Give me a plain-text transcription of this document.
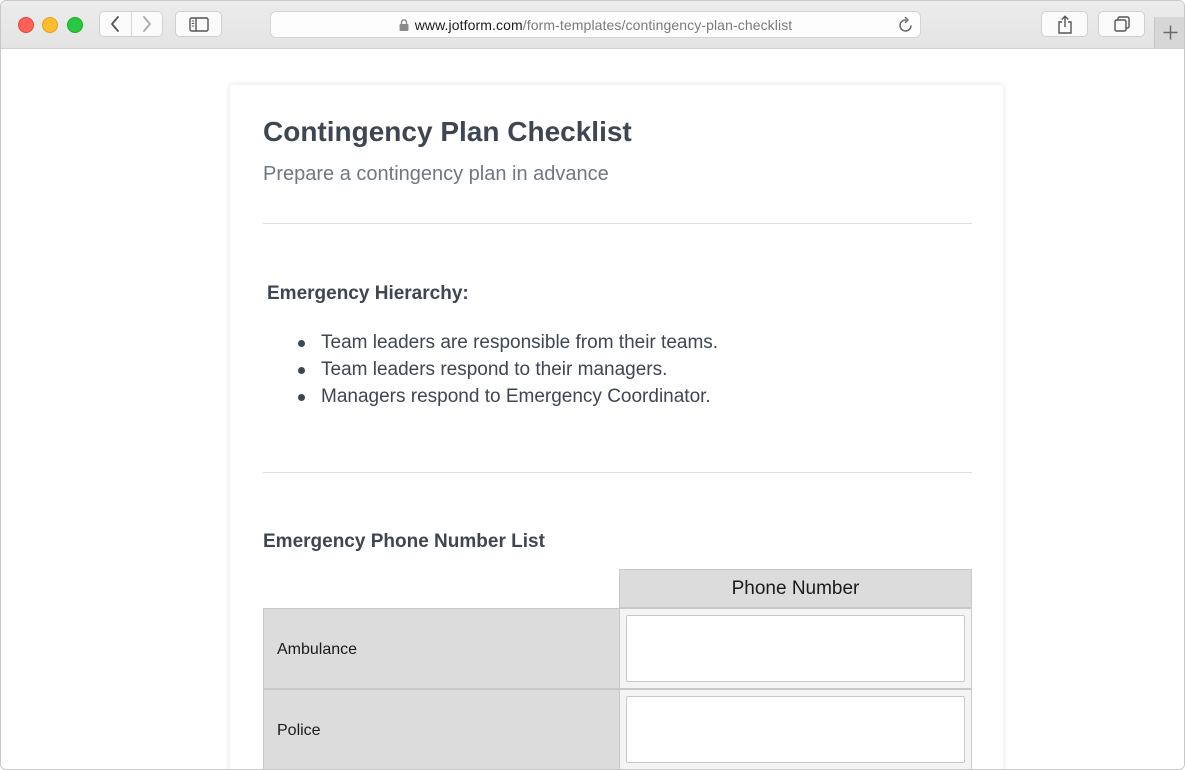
www.jotform.com/form-templates/contingency-plan-checklist
Contingency Plan Checklist
Prepare a contingency plan in advance
Emergency Hierarchy:
Team leaders are responsible from their teams.
Team leaders respond to their managers.
Managers respond to Emergency Coordinator.
Emergency Phone Number List
Phone Number
Ambulance
Police
